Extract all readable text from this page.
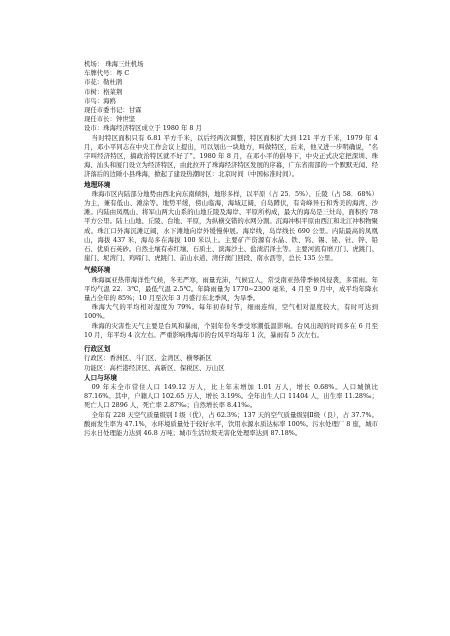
机场： 珠海三灶机场
车牌代号：粤 C
市花：勒杜鹃
市树：格菜荆
市鸟：海鸥
现任市委书记：甘霖
现任市长：钟世坚
设市：珠海经济特区成立于 1980 年 8 月

当时特区面积只有 6.81 平方千米，以后经两次调整，特区面积扩大到 121 平方千米，1979 年 4 月，邓小平同志在中央工作会议上提出，可以划出一块地方，叫做特区，后来，他又进一步明确说，“名字叫经济特区，搞政治特区就不好了”。1980 年 8 月，在邓小平的倡导下，中央正式决定把深圳、珠海、汕头和厦门设立为经济特区，由此拉开了珠海经济特区发展的序幕，广东省南部的一个默默无闻、经济落后的边陲小县珠海，掀起了建设热潮时区：北京时间（中国标准时间）。

地理环境

珠海市区内陆部分地势由西北向东南倾斜，地形多样，以平原（占 25．5%）、丘陵（占 58．68%）为主，兼有低山、滩涂等。地势平缓，傍山临海，海域辽阔，自岛蹲伏，有奇峰异石和秀美的海湾、沙滩。内陆由凤凰山、将军山两大山系的山地丘陵及海岸、平原所构成，最大的海岛是三灶岛，面积约 78 平方公里。陆上山地、丘陵、台地、平原，为纵横交错的水网分割。沉海冲积平原由西江和北江冲积物聚成。珠江口外海沉滩辽阔，水下滩地向岸外缓慢伸展。海岸线，岛岸线长 690 公里。内陆最高的凤凰山，海拔 437 米，海岛多在海拔 100 米以上。主要矿产资源有水晶、铁、钨、锡、铋、钍、锌、铅石、优质石英砂。自然土壤有赤红壤、石质土、滨海沙土、盐渍沼泽土等。主要河流有磨刀门、虎跳门、崖门、坭湾门、鸡啼门、虎跳门、前山水道、湾仔澳门回段、南水沥等，总长 135 公里。

气候环境

珠海属亚热带海洋性气候，冬无严寒，雨量充沛，气候宜人，常受南亚热带季候风侵袭，多雷雨。年平均气温 22．3℃，最低气温 2.5℃。年降雨量为 1770~2300 毫米，4 月至 9 月中，成平均年降水量占全年的 85%；10 月至次年 3 月盛行东北季风，为旱季。

珠海大气的平均相对湿度为 79%。每年初春时节，细雨连绵，空气相对湿度较大，有时可达到 100%。

珠海的灾害性天气主要是台风和暴雨，个别年份冬季受寒潮低温影响。台风出现的时间多在 6 月至 10 月，年平均 4 次左右。严重影响珠海市的台风平均每年 1 次，暴雨有 5 次左右。

行政区划
行政区：香洲区、斗门区、金湾区、横琴新区
功能区：高栏港经济区、高新区、保税区、万山区
人口与环境

09 年末全市常住人口 149.12 万人，比上年末增加 1.01 万人，增长 0.68%。人口城镇比 87.16%。其中，户籍人口 102.65 万人，增长 3.19%。全年出生人口 11404 人，出生率 11.28‰；死亡人口 2896 人，死亡率 2.87‰；自然增长率 8.41‰。

全年有 228 天空气质量级别 I 级（优），占 62.3%；137 天的空气质量级别Ⅱ级（良），占 37.7%。酸雨发生率为 47.1%，水环境质量处于较好水平，饮用水源水质达标率 100%。污水处理厂 8 座，城市污水日处理能力达到 46.8 万吨；城市生活垃圾无害化处理率达到 87.18%。
